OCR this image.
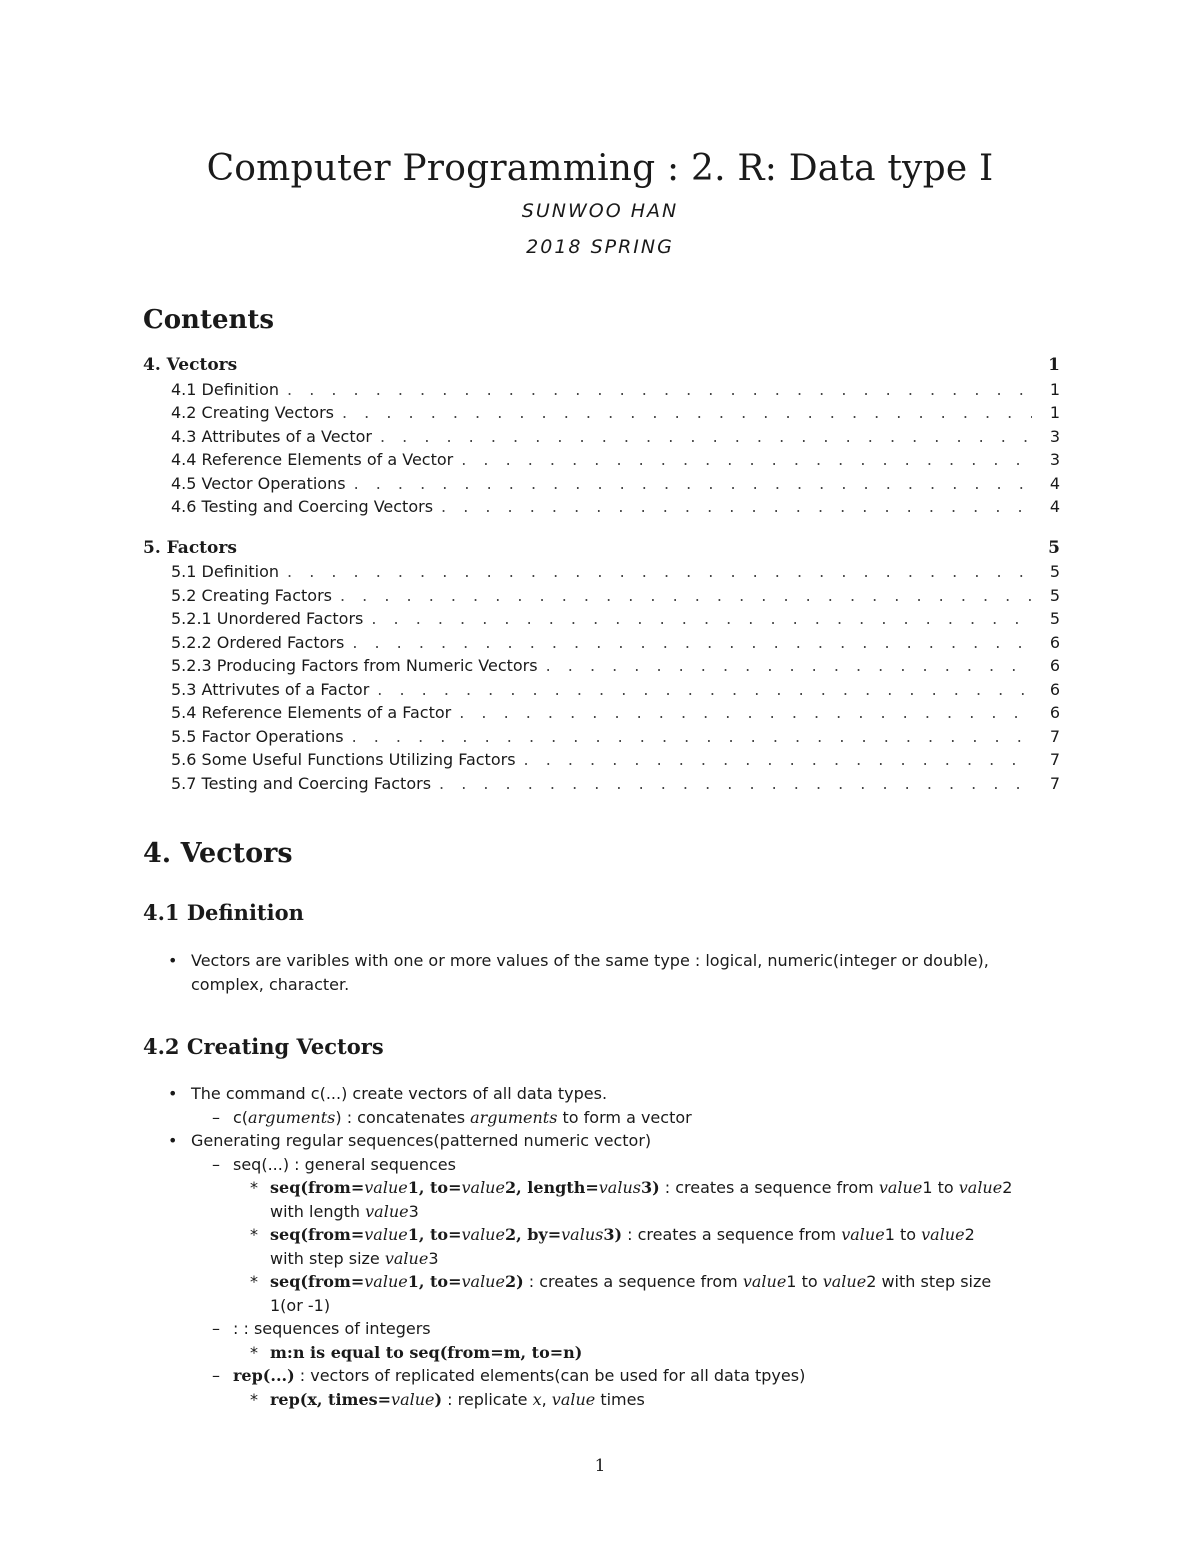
Computer Programming : 2. R: Data type I
SUNWOO HAN
2018 SPRING
Contents
4. Vectors	1
4.1 Definition . . .	1
4.2 Creating Vectors . . .	1
4.3 Attributes of a Vector . . .	3
4.4 Reference Elements of a Vector . . .	3
4.5 Vector Operations . . .	4
4.6 Testing and Coercing Vectors . . .	4
5. Factors	5
5.1 Definition . . .	5
5.2 Creating Factors . . .	5
5.2.1 Unordered Factors . . .	5
5.2.2 Ordered Factors . . .	6
5.2.3 Producing Factors from Numeric Vectors . . .	6
5.3 Attrivutes of a Factor . . .	6
5.4 Reference Elements of a Factor . . .	6
5.5 Factor Operations . . .	7
5.6 Some Useful Functions Utilizing Factors . . .	7
5.7 Testing and Coercing Factors . . .	7
4. Vectors
4.1 Definition
• Vectors are varibles with one or more values of the same type : logical, numeric(integer or double),
complex, character.
4.2 Creating Vectors
• The command c(...) create vectors of all data types.
– c(arguments) : concatenates arguments to form a vector
• Generating regular sequences(patterned numeric vector)
– seq(...) : general sequences
* seq(from=value1, to=value2, length=valus3) : creates a sequence from value1 to value2
with length value3
* seq(from=value1, to=value2, by=valus3) : creates a sequence from value1 to value2
with step size value3
* seq(from=value1, to=value2) : creates a sequence from value1 to value2 with step size
1(or -1)
– : : sequences of integers
* m:n is equal to seq(from=m, to=n)
– rep(...) : vectors of replicated elements(can be used for all data tpyes)
* rep(x, times=value) : replicate x, value times
1
